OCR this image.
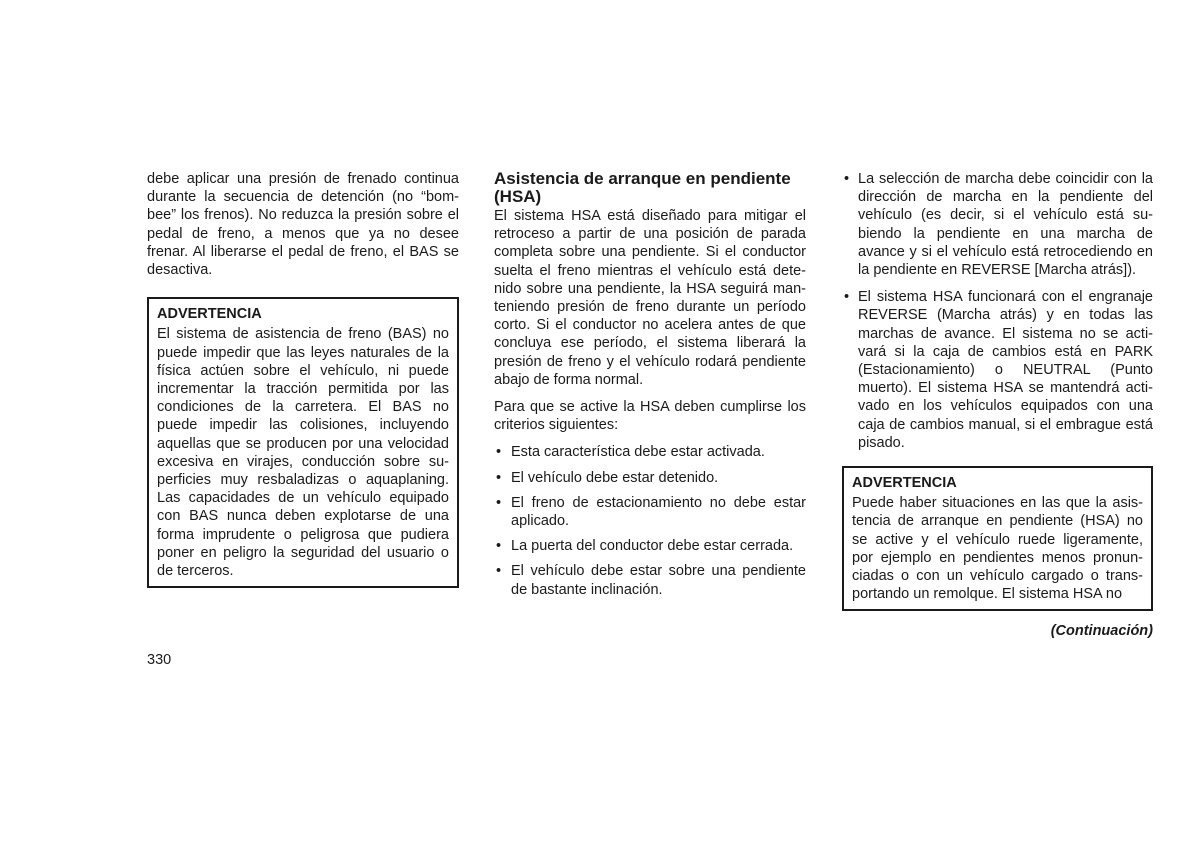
debe aplicar una presión de frenado continua durante la secuencia de detención (no “bom- bee” los frenos). No reduzca la presión sobre el pedal de freno, a menos que ya no desee frenar. Al liberarse el pedal de freno, el BAS se desactiva.

ADVERTENCIA
El sistema de asistencia de freno (BAS) no puede impedir que las leyes naturales de la física actúen sobre el vehículo, ni puede incrementar la tracción permitida por las condiciones de la carretera. El BAS no puede impedir las colisiones, incluyendo aquellas que se producen por una velocidad excesiva en virajes, conducción sobre su- perficies muy resbaladizas o aquaplaning. Las capacidades de un vehículo equipado con BAS nunca deben explotarse de una forma imprudente o peligrosa que pudiera poner en peligro la seguridad del usuario o de terceros.
Asistencia de arranque en pendiente (HSA)

El sistema HSA está diseñado para mitigar el retroceso a partir de una posición de parada completa sobre una pendiente. Si el conductor suelta el freno mientras el vehículo está dete- nido sobre una pendiente, la HSA seguirá man- teniendo presión de freno durante un período corto. Si el conductor no acelera antes de que concluya ese período, el sistema liberará la presión de freno y el vehículo rodará pendiente abajo de forma normal.

Para que se active la HSA deben cumplirse los criterios siguientes:

• Esta característica debe estar activada.
• El vehículo debe estar detenido.
• El freno de estacionamiento no debe estar aplicado.
• La puerta del conductor debe estar cerrada.
• El vehículo debe estar sobre una pendiente de bastante inclinación.
• La selección de marcha debe coincidir con la dirección de marcha en la pendiente del vehículo (es decir, si el vehículo está su- biendo la pendiente en una marcha de avance y si el vehículo está retrocediendo en la pendiente en REVERSE [Marcha atrás]).
• El sistema HSA funcionará con el engranaje REVERSE (Marcha atrás) y en todas las marchas de avance. El sistema no se acti- vará si la caja de cambios está en PARK (Estacionamiento) o NEUTRAL (Punto muerto). El sistema HSA se mantendrá acti- vado en los vehículos equipados con una caja de cambios manual, si el embrague está pisado.
ADVERTENCIA
Puede haber situaciones en las que la asis- tencia de arranque en pendiente (HSA) no se active y el vehículo ruede ligeramente, por ejemplo en pendientes menos pronun- ciadas o con un vehículo cargado o trans- portando un remolque. El sistema HSA no
(Continuación)
330
